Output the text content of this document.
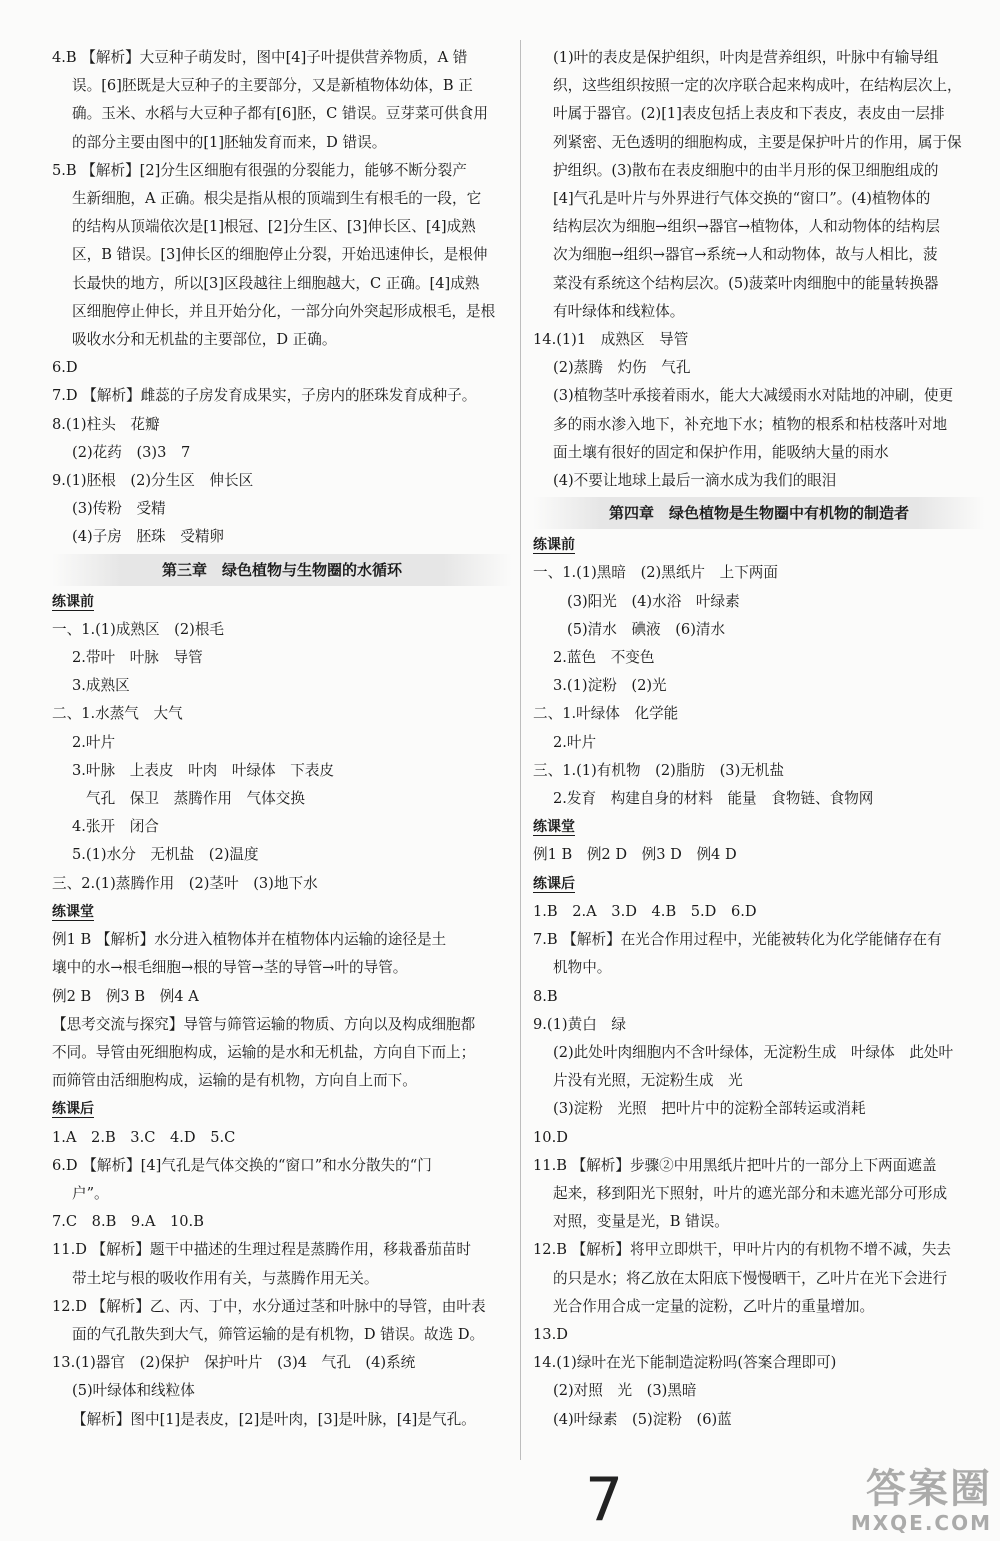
4.B 【解析】大豆种子萌发时，图中[4]子叶提供营养物质，A 错
误。[6]胚既是大豆种子的主要部分，又是新植物体幼体，B 正
确。玉米、水稻与大豆种子都有[6]胚，C 错误。豆芽菜可供食用
的部分主要由图中的[1]胚轴发育而来，D 错误。
5.B 【解析】[2]分生区细胞有很强的分裂能力，能够不断分裂产
生新细胞，A 正确。根尖是指从根的顶端到生有根毛的一段，它
的结构从顶端依次是[1]根冠、[2]分生区、[3]伸长区、[4]成熟
区，B 错误。[3]伸长区的细胞停止分裂，开始迅速伸长，是根伸
长最快的地方，所以[3]区段越往上细胞越大，C 正确。[4]成熟
区细胞停止伸长，并且开始分化，一部分向外突起形成根毛，是根
吸收水分和无机盐的主要部位，D 正确。
6.D
7.D 【解析】雌蕊的子房发育成果实，子房内的胚珠发育成种子。
8.(1)柱头　花瓣
(2)花药　(3)3　7
9.(1)胚根　(2)分生区　伸长区
(3)传粉　受精
(4)子房　胚珠　受精卵
第三章　绿色植物与生物圈的水循环
练课前
一、1.(1)成熟区　(2)根毛
2.带叶　叶脉　导管
3.成熟区
二、1.水蒸气　大气
2.叶片
3.叶脉　上表皮　叶肉　叶绿体　下表皮
气孔　保卫　蒸腾作用　气体交换
4.张开　闭合
5.(1)水分　无机盐　(2)温度
三、2.(1)蒸腾作用　(2)茎叶　(3)地下水
练课堂
例1 B 【解析】水分进入植物体并在植物体内运输的途径是土
壤中的水→根毛细胞→根的导管→茎的导管→叶的导管。
例2 B　例3 B　例4 A
【思考交流与探究】导管与筛管运输的物质、方向以及构成细胞都
不同。导管由死细胞构成，运输的是水和无机盐，方向自下而上；
而筛管由活细胞构成，运输的是有机物，方向自上而下。
练课后
1.A　2.B　3.C　4.D　5.C
6.D 【解析】[4]气孔是气体交换的“窗口”和水分散失的“门
户”。
7.C　8.B　9.A　10.B
11.D 【解析】题干中描述的生理过程是蒸腾作用，移栽番茄苗时
带土坨与根的吸收作用有关，与蒸腾作用无关。
12.D 【解析】乙、丙、丁中，水分通过茎和叶脉中的导管，由叶表
面的气孔散失到大气，筛管运输的是有机物，D 错误。故选 D。
13.(1)器官　(2)保护　保护叶片　(3)4　气孔　(4)系统
(5)叶绿体和线粒体
【解析】图中[1]是表皮，[2]是叶肉，[3]是叶脉，[4]是气孔。
(1)叶的表皮是保护组织，叶肉是营养组织，叶脉中有输导组
织，这些组织按照一定的次序联合起来构成叶，在结构层次上，
叶属于器官。(2)[1]表皮包括上表皮和下表皮，表皮由一层排
列紧密、无色透明的细胞构成，主要是保护叶片的作用，属于保
护组织。(3)散布在表皮细胞中的由半月形的保卫细胞组成的
[4]气孔是叶片与外界进行气体交换的“窗口”。(4)植物体的
结构层次为细胞→组织→器官→植物体，人和动物体的结构层
次为细胞→组织→器官→系统→人和动物体，故与人相比，菠
菜没有系统这个结构层次。(5)菠菜叶肉细胞中的能量转换器
有叶绿体和线粒体。
14.(1)1　成熟区　导管
(2)蒸腾　灼伤　气孔
(3)植物茎叶承接着雨水，能大大减缓雨水对陆地的冲刷，使更
多的雨水渗入地下，补充地下水；植物的根系和枯枝落叶对地
面土壤有很好的固定和保护作用，能吸纳大量的雨水
(4)不要让地球上最后一滴水成为我们的眼泪
第四章　绿色植物是生物圈中有机物的制造者
练课前
一、1.(1)黑暗　(2)黑纸片　上下两面
(3)阳光　(4)水浴　叶绿素
(5)清水　碘液　(6)清水
2.蓝色　不变色
3.(1)淀粉　(2)光
二、1.叶绿体　化学能
2.叶片
三、1.(1)有机物　(2)脂肪　(3)无机盐
2.发育　构建自身的材料　能量　食物链、食物网
练课堂
例1 B　例2 D　例3 D　例4 D
练课后
1.B　2.A　3.D　4.B　5.D　6.D
7.B 【解析】在光合作用过程中，光能被转化为化学能储存在有
机物中。
8.B
9.(1)黄白　绿
(2)此处叶肉细胞内不含叶绿体，无淀粉生成　叶绿体　此处叶
片没有光照，无淀粉生成　光
(3)淀粉　光照　把叶片中的淀粉全部转运或消耗
10.D
11.B 【解析】步骤②中用黑纸片把叶片的一部分上下两面遮盖
起来，移到阳光下照射，叶片的遮光部分和未遮光部分可形成
对照，变量是光，B 错误。
12.B 【解析】将甲立即烘干，甲叶片内的有机物不增不减，失去
的只是水；将乙放在太阳底下慢慢晒干，乙叶片在光下会进行
光合作用合成一定量的淀粉，乙叶片的重量增加。
13.D
14.(1)绿叶在光下能制造淀粉吗(答案合理即可)
(2)对照　光　(3)黑暗
(4)叶绿素　(5)淀粉　(6)蓝
7	答案圈
MXQE.COM
